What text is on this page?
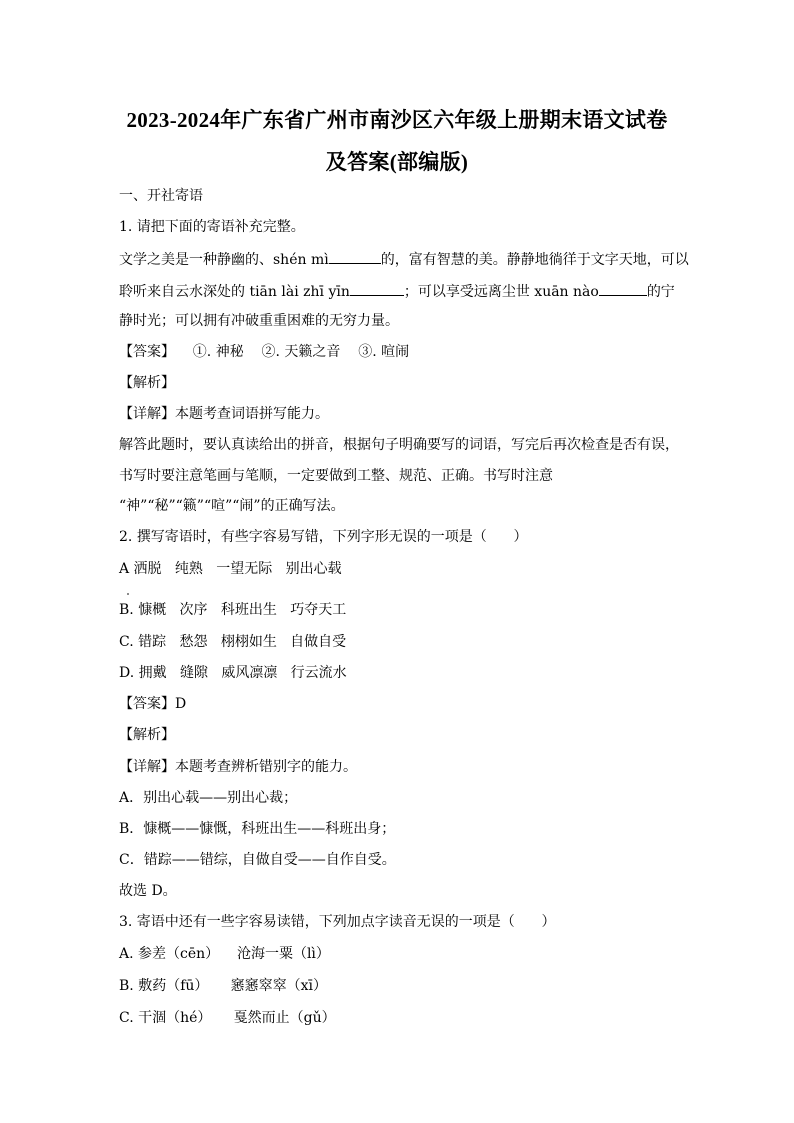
2023-2024年广东省广州市南沙区六年级上册期末语文试卷
及答案(部编版)
一、开社寄语
1. 请把下面的寄语补充完整。
文学之美是一种静幽的、shén mì	的，富有智慧的美。静静地徜徉于文字天地，可以
聆听来自云水深处的 tiān lài zhī yīn	；可以享受远离尘世 xuān nào	的宁
静时光；可以拥有冲破重重困难的无穷力量。
【答案】    ①. 神秘    ②. 天籁之音    ③. 喧闹
【解析】
【详解】本题考查词语拼写能力。
解答此题时，要认真读给出的拼音，根据句子明确要写的词语，写完后再次检查是否有误，
书写时要注意笔画与笔顺，一定要做到工整、规范、正确。书写时注意
“神”“秘”“籁”“喧”“闹”的正确写法。
2. 撰写寄语时，有些字容易写错，下列字形无误的一项是（      ）
A 洒脱   纯熟   一望无际   别出心载
B. 慷概   次序   科班出生   巧夺天工
C. 错踪   愁怨   栩栩如生   自做自受
D. 拥戴   缝隙   威风凛凛   行云流水
【答案】D
【解析】
【详解】本题考查辨析错别字的能力。
A．别出心载——别出心裁；
B．慷概——慷慨，科班出生——科班出身；
C．错踪——错综，自做自受——自作自受。
故选 D。
3. 寄语中还有一些字容易读错，下列加点字读音无误的一项是（      ）
A. 参差（cēn）    沧海一粟（lì）
B. 敷药（fū）     窸窸窣窣（xī）
C. 干涸（hé）     戛然而止（gǔ）
